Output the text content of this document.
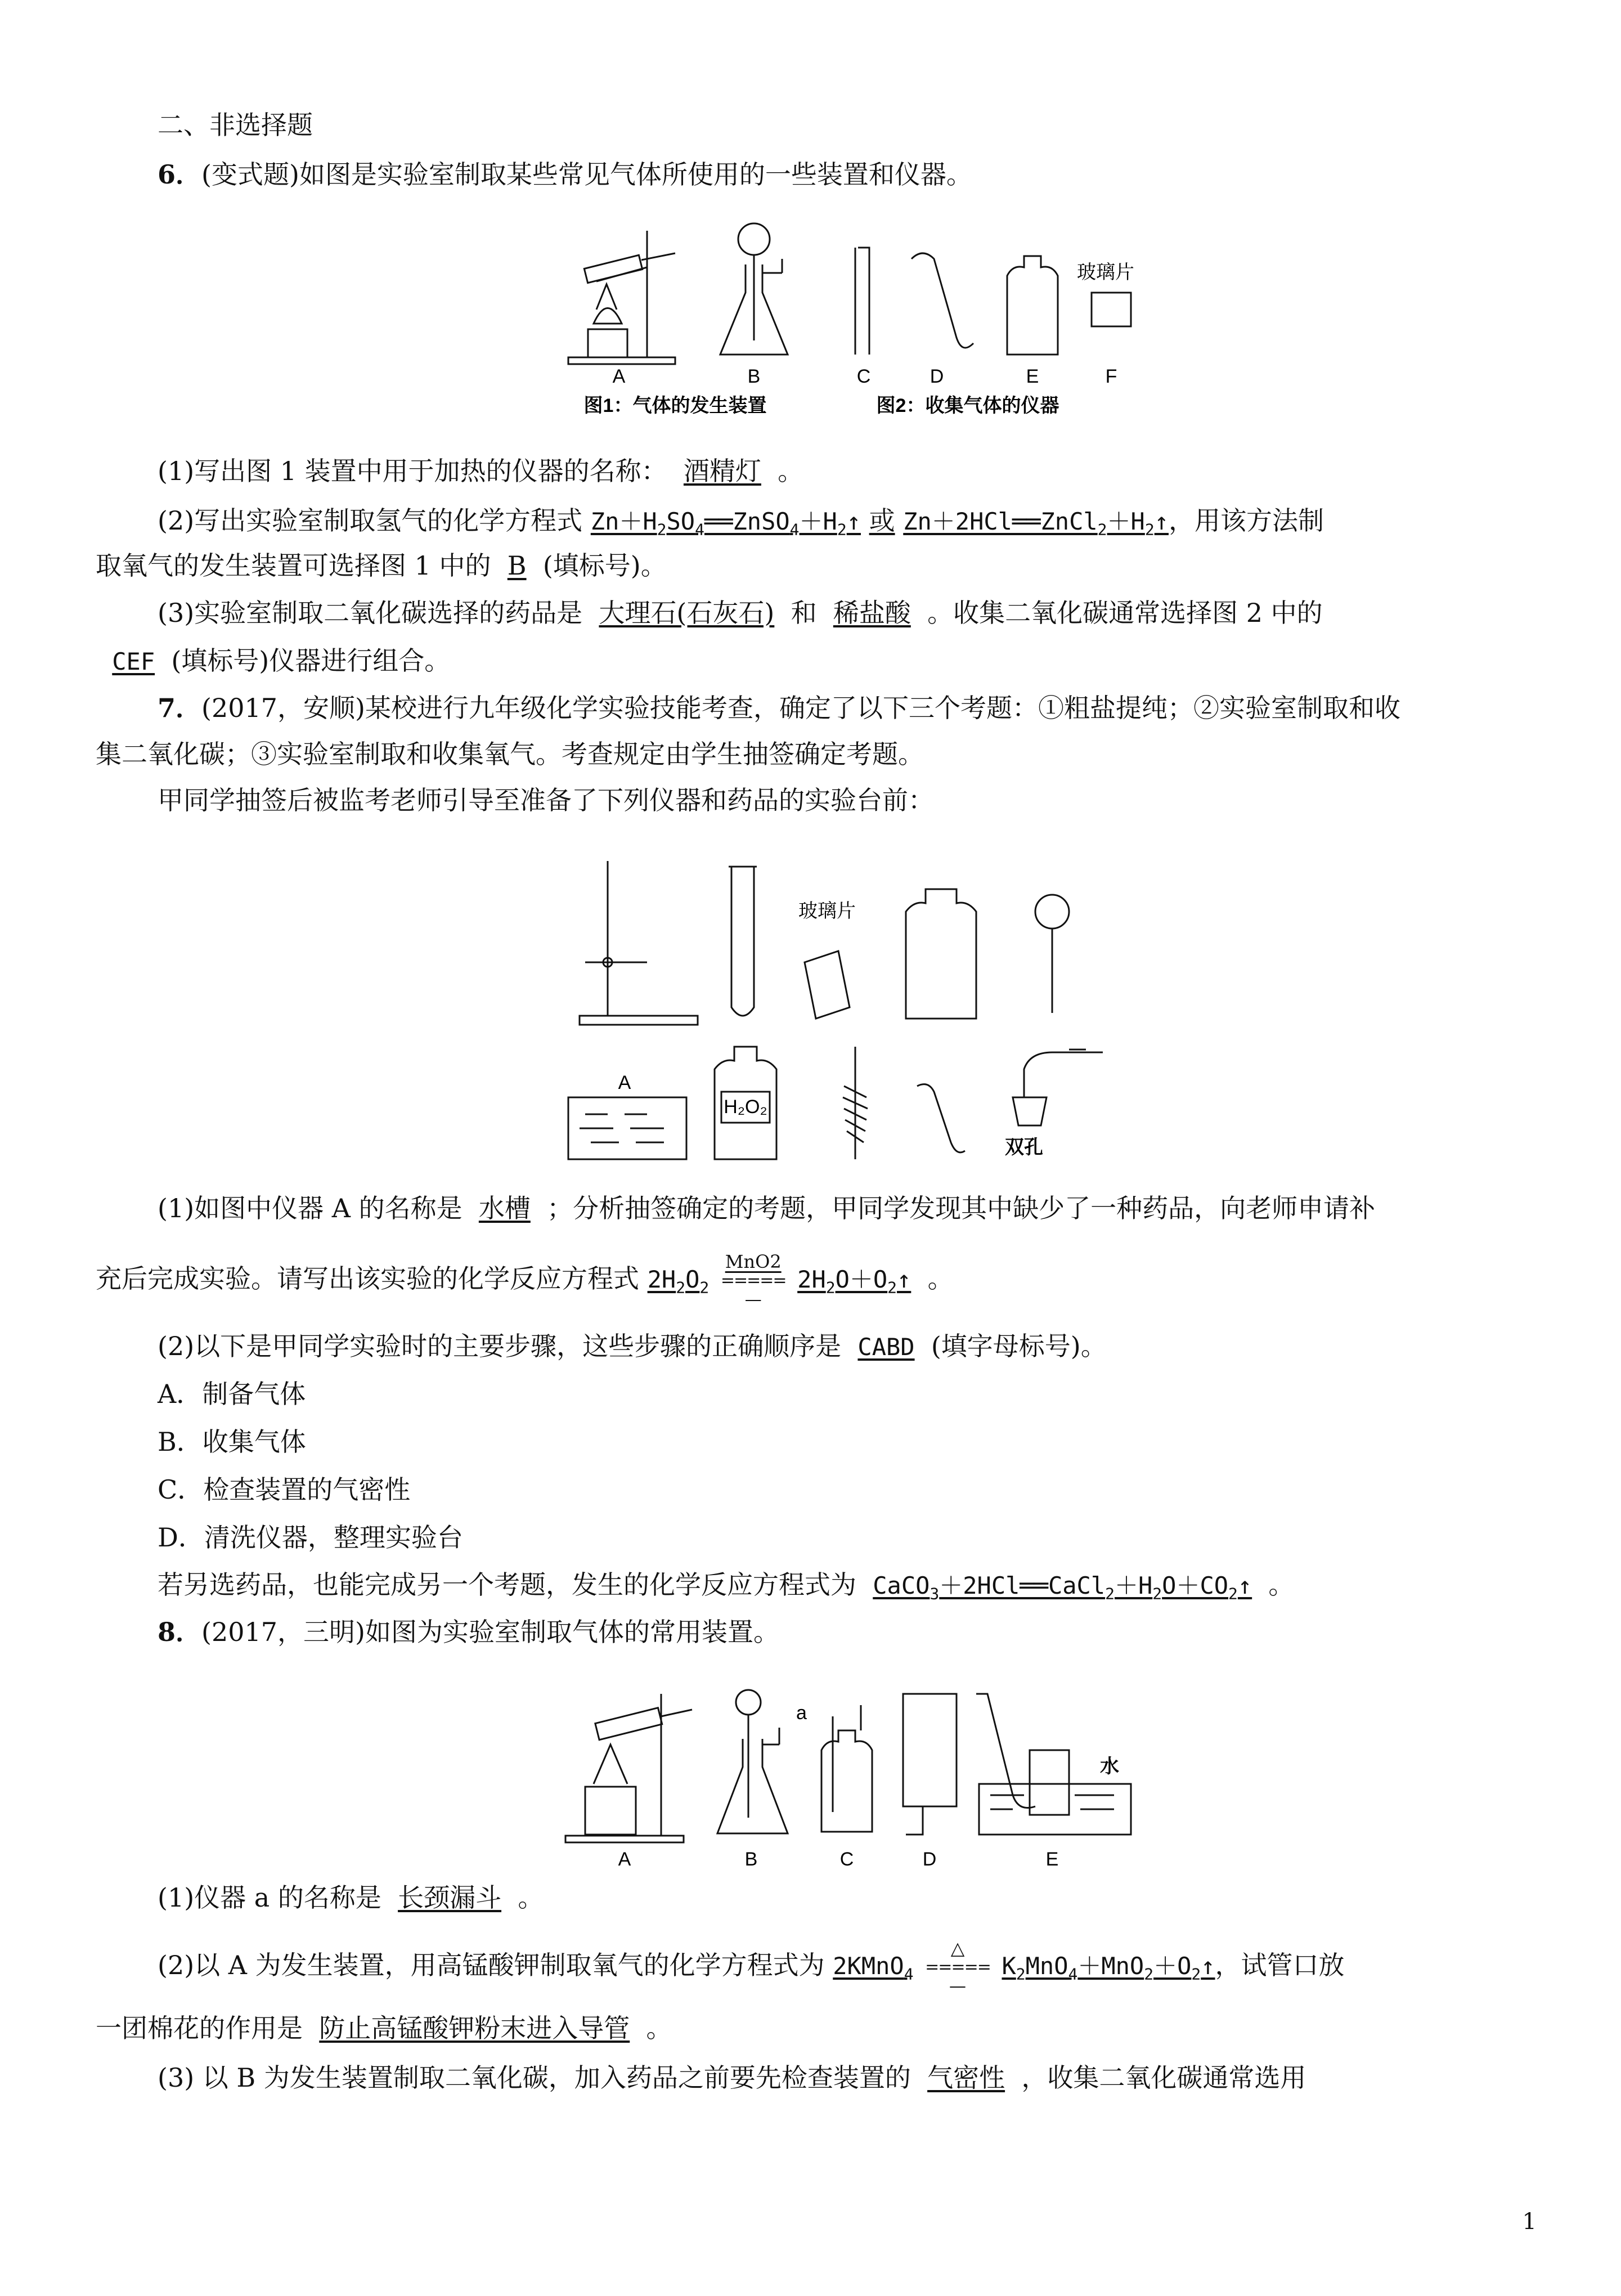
二、非选择题
6．(变式题)如图是实验室制取某些常见气体所使用的一些装置和仪器。
玻璃片
A	B	C	D	E	F
图1：气体的发生装置	图2：收集气体的仪器
(1)写出图 1 装置中用于加热的仪器的名称： 酒精灯 。
(2)写出实验室制取氢气的化学方程式 $Zn+H_2SO_4══ZnSO_4+H_2↑$ 或 $Zn+2HCl══ZnCl_2+H_2↑$，用该方法制
取氧气的发生装置可选择图 1 中的 B (填标号)。
(3)实验室制取二氧化碳选择的药品是 大理石(石灰石) 和 稀盐酸 。收集二氧化碳通常选择图 2 中的
CEF (填标号)仪器进行组合。
7．(2017，安顺)某校进行九年级化学实验技能考查，确定了以下三个考题：①粗盐提纯；②实验室制取和收
集二氧化碳；③实验室制取和收集氧气。考查规定由学生抽签确定考题。
甲同学抽签后被监考老师引导至准备了下列仪器和药品的实验台前：
玻璃片
A
H₂O₂
双孔
(1)如图中仪器 A 的名称是 水槽 ；分析抽签确定的考题，甲同学发现其中缺少了一种药品，向老师申请补
充后完成实验。请写出该实验的化学反应方程式 $2H_2O_2$
MnO2
=====
—
$2H_2O+O_2↑$ 。
(2)以下是甲同学实验时的主要步骤，这些步骤的正确顺序是 CABD (填字母标号)。
A．制备气体
B．收集气体
C．检查装置的气密性
D．清洗仪器，整理实验台
若另选药品，也能完成另一个考题，发生的化学反应方程式为 $CaCO_3+2HCl══CaCl_2+H_2O+CO_2↑$ 。
8．(2017，三明)如图为实验室制取气体的常用装置。
a
水
A	B	C	D	E
(1)仪器 a 的名称是 长颈漏斗 。
(2)以 A 为发生装置，用高锰酸钾制取氧气的化学方程式为 2KMnO$_4$
△
=====
—
$K_2MnO_4+MnO_2+O_2↑$，试管口放
一团棉花的作用是 防止高锰酸钾粉末进入导管 。
(3) 以 B 为发生装置制取二氧化碳，加入药品之前要先检查装置的 气密性 ，收集二氧化碳通常选用
1
